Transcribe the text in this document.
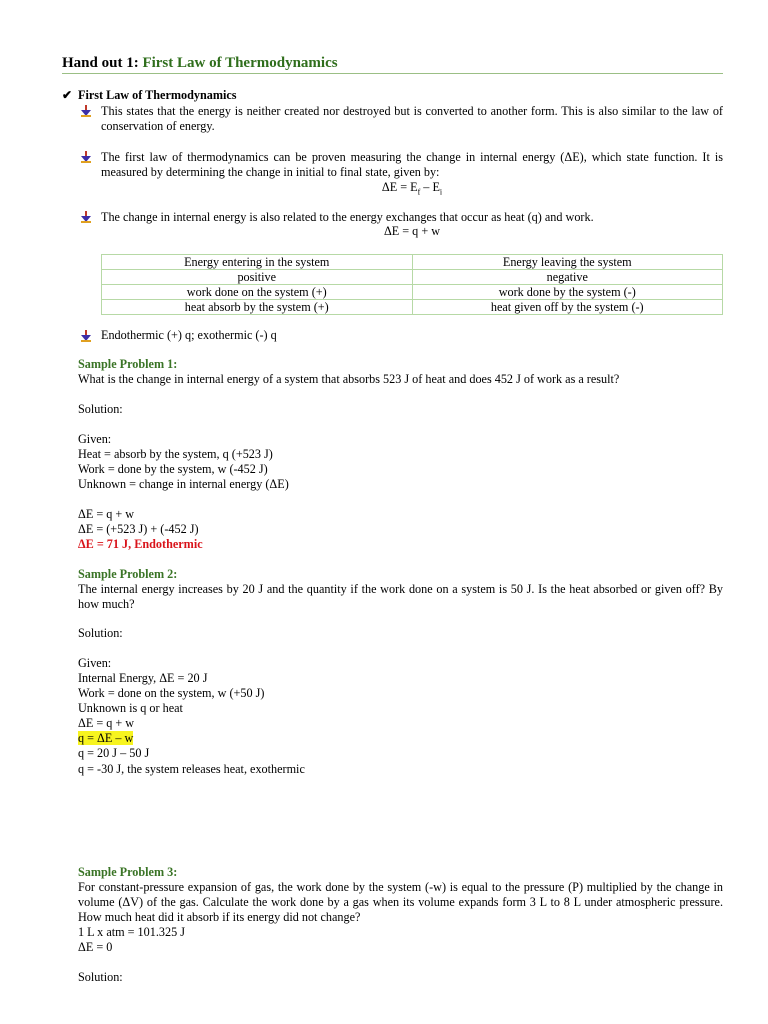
Hand out 1: First Law of Thermodynamics
✔ First Law of Thermodynamics
This states that the energy is neither created nor destroyed but is converted to another form. This is also similar to the law of conservation of energy.
The first law of thermodynamics can be proven measuring the change in internal energy (ΔE), which state function. It is measured by determining the change in initial to final state, given by:
$\Delta E = E_f - E_i$
The change in internal energy is also related to the energy exchanges that occur as heat (q) and work.
ΔE = q + w
Energy entering in the system	Energy leaving the system
positive	negative
work done on the system (+)	work done by the system (-)
heat absorb by the system (+)	heat given off by the system (-)
Endothermic (+) q; exothermic (-) q
Sample Problem 1:
What is the change in internal energy of a system that absorbs 523 J of heat and does 452 J of work as a result?
Solution:
Given:
Heat = absorb by the system, q (+523 J)
Work = done by the system, w (-452 J)
Unknown = change in internal energy (ΔE)
ΔE = q + w
ΔE = (+523 J) + (-452 J)
ΔE = 71 J, Endothermic
Sample Problem 2:
The internal energy increases by 20 J and the quantity if the work done on a system is 50 J. Is the heat absorbed or given off? By how much?
Solution:
Given:
Internal Energy, ΔE = 20 J
Work = done on the system, w (+50 J)
Unknown is q or heat
ΔE = q + w
q = ΔE – w
q = 20 J – 50 J
q = -30 J, the system releases heat, exothermic
Sample Problem 3:
For constant-pressure expansion of gas, the work done by the system (-w) is equal to the pressure (P) multiplied by the change in volume (ΔV) of the gas. Calculate the work done by a gas when its volume expands form 3 L to 8 L under atmospheric pressure. How much heat did it absorb if its energy did not change?
1 L x atm = 101.325 J
ΔE = 0
Solution:
